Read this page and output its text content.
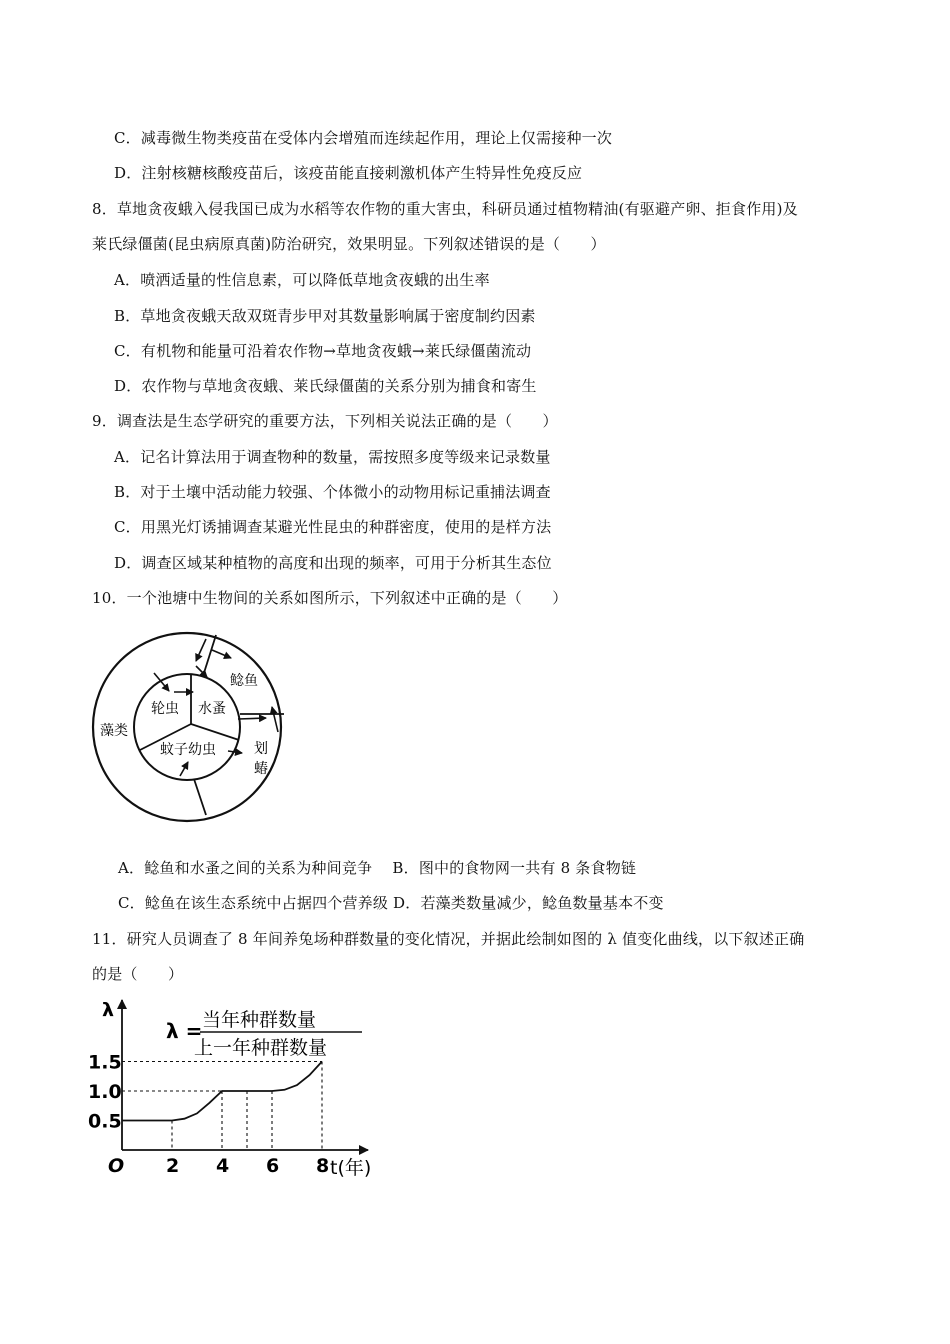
C．减毒微生物类疫苗在受体内会增殖而连续起作用，理论上仅需接种一次
D．注射核糖核酸疫苗后，该疫苗能直接刺激机体产生特异性免疫反应
8．草地贪夜蛾入侵我国已成为水稻等农作物的重大害虫，科研员通过植物精油(有驱避产卵、拒食作用)及
莱氏绿僵菌(昆虫病原真菌)防治研究，效果明显。下列叙述错误的是（　　）
A．喷洒适量的性信息素，可以降低草地贪夜蛾的出生率
B．草地贪夜蛾天敌双斑青步甲对其数量影响属于密度制约因素
C．有机物和能量可沿着农作物→草地贪夜蛾→莱氏绿僵菌流动
D．农作物与草地贪夜蛾、莱氏绿僵菌的关系分别为捕食和寄生
9．调查法是生态学研究的重要方法，下列相关说法正确的是（　　）
A．记名计算法用于调查物种的数量，需按照多度等级来记录数量
B．对于土壤中活动能力较强、个体微小的动物用标记重捕法调查
C．用黑光灯诱捕调查某避光性昆虫的种群密度，使用的是样方法
D．调查区域某种植物的高度和出现的频率，可用于分析其生态位
10．一个池塘中生物间的关系如图所示，下列叙述中正确的是（　　）
藻类
轮虫 水蚤
蚊子幼虫
鲶鱼
划
蝽
A．鲶鱼和水蚤之间的关系为种间竞争　 B．图中的食物网一共有 8 条食物链
C．鲶鱼在该生态系统中占据四个营养级 D．若藻类数量减少，鲶鱼数量基本不变
11．研究人员调查了 8 年间养兔场种群数量的变化情况，并据此绘制如图的 λ 值变化曲线，以下叙述正确
的是（　　）
2 4 6 8
0.5
1.0
1.5
λ
O	t(年)
λ = 当年种群数量
上一年种群数量
